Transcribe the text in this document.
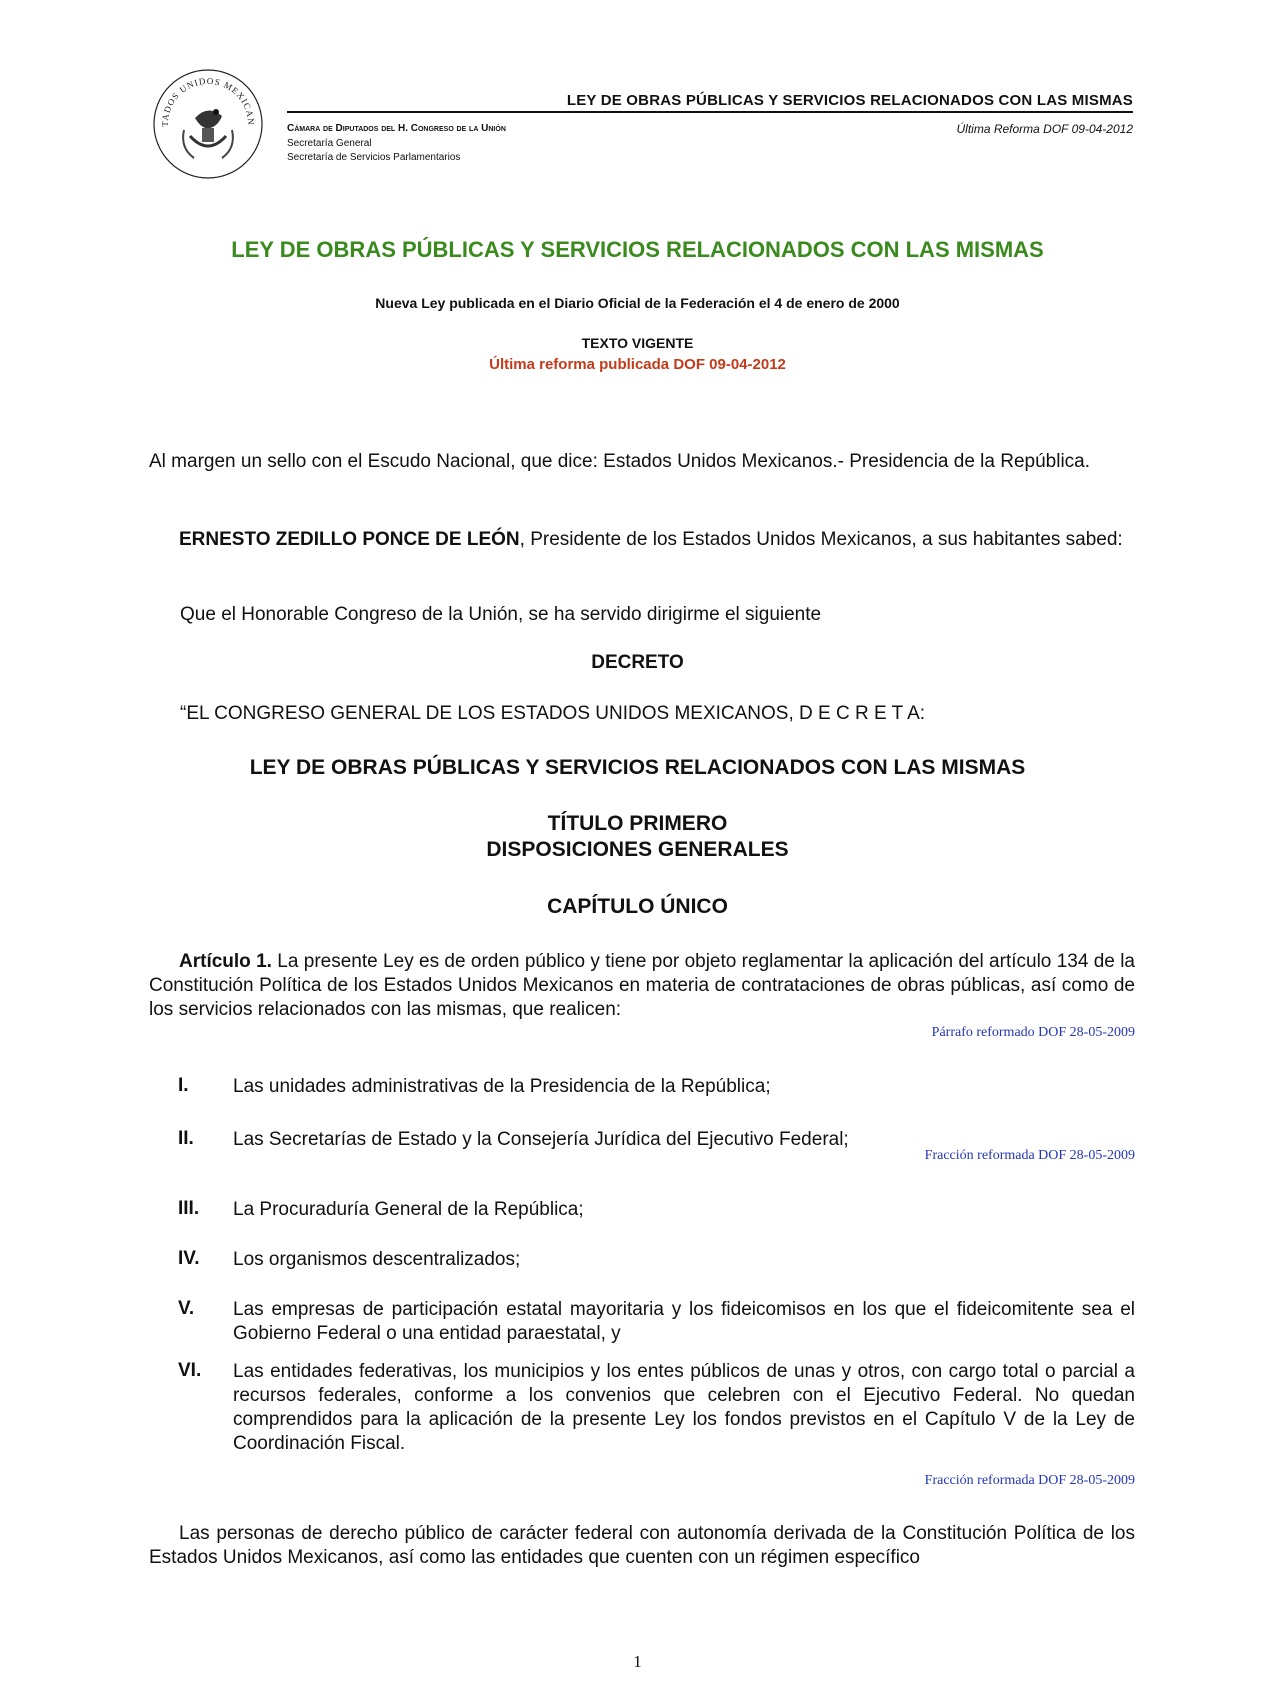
TADOS UNIDOS MEXICAN
LEY DE OBRAS PÚBLICAS Y SERVICIOS RELACIONADOS CON LAS MISMAS
Cámara de Diputados del H. Congreso de la Unión
Secretaría General
Secretaría de Servicios Parlamentarios
Última Reforma DOF 09-04-2012
LEY DE OBRAS PÚBLICAS Y SERVICIOS RELACIONADOS CON LAS MISMAS
Nueva Ley publicada en el Diario Oficial de la Federación el 4 de enero de 2000
TEXTO VIGENTE
Última reforma publicada DOF 09-04-2012
Al margen un sello con el Escudo Nacional, que dice: Estados Unidos Mexicanos.- Presidencia de la República.
ERNESTO ZEDILLO PONCE DE LEÓN, Presidente de los Estados Unidos Mexicanos, a sus habitantes sabed:
Que el Honorable Congreso de la Unión, se ha servido dirigirme el siguiente
DECRETO
“EL CONGRESO GENERAL DE LOS ESTADOS UNIDOS MEXICANOS, D E C R E T A:
LEY DE OBRAS PÚBLICAS Y SERVICIOS RELACIONADOS CON LAS MISMAS
TÍTULO PRIMERO
DISPOSICIONES GENERALES
CAPÍTULO ÚNICO
Artículo 1. La presente Ley es de orden público y tiene por objeto reglamentar la aplicación del artículo 134 de la Constitución Política de los Estados Unidos Mexicanos en materia de contrataciones de obras públicas, así como de los servicios relacionados con las mismas, que realicen:
Párrafo reformado DOF 28-05-2009
I. Las unidades administrativas de la Presidencia de la República;
II. Las Secretarías de Estado y la Consejería Jurídica del Ejecutivo Federal;
Fracción reformada DOF 28-05-2009
III. La Procuraduría General de la República;
IV. Los organismos descentralizados;
V. Las empresas de participación estatal mayoritaria y los fideicomisos en los que el fideicomitente sea el Gobierno Federal o una entidad paraestatal, y
VI. Las entidades federativas, los municipios y los entes públicos de unas y otros, con cargo total o parcial a recursos federales, conforme a los convenios que celebren con el Ejecutivo Federal. No quedan comprendidos para la aplicación de la presente Ley los fondos previstos en el Capítulo V de la Ley de Coordinación Fiscal.
Fracción reformada DOF 28-05-2009
Las personas de derecho público de carácter federal con autonomía derivada de la Constitución Política de los Estados Unidos Mexicanos, así como las entidades que cuenten con un régimen específico
1
